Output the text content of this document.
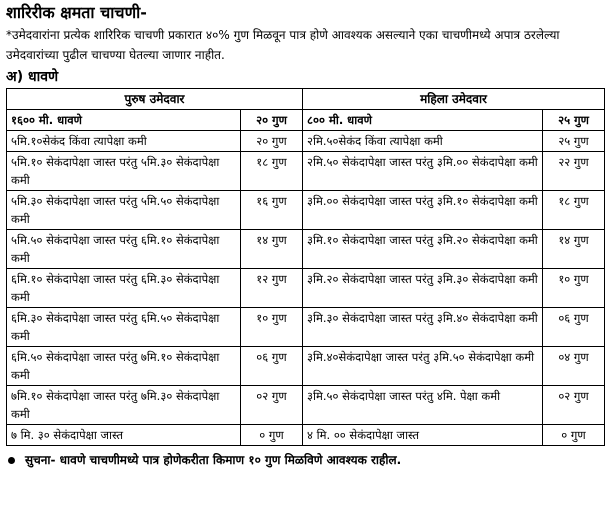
शारिरीक क्षमता चाचणी-
*उमेदवारांना प्रत्येक शारिरिक चाचणी प्रकारात ४०% गुण मिळवून पात्र होणे आवश्यक असल्याने एका चाचणीमध्ये अपात्र ठरलेल्या उमेदवारांच्या पुढील चाचण्या घेतल्या जाणार नाहीत.
अ) धावणे
पुरुष उमेदवार		महिला उमेदवार	
१६०० मी. धावणे	२० गुण	८०० मी. धावणे	२५ गुण
५मि.१०सेकंद किंवा त्यापेक्षा कमी	२० गुण	२मि.५०सेकंद किंवा त्यापेक्षा कमी	२५ गुण
५मि.१० सेकंदापेक्षा जास्त परंतु ५मि.३० सेकंदापेक्षा कमी	१८ गुण	२मि.५० सेकंदापेक्षा जास्त परंतु ३मि.०० सेकंदापेक्षा कमी	२२ गुण
५मि.३० सेकंदापेक्षा जास्त परंतु ५मि.५० सेकंदापेक्षा कमी	१६ गुण	३मि.०० सेकंदापेक्षा जास्त परंतु ३मि.१० सेकंदापेक्षा कमी	१८ गुण
५मि.५० सेकंदापेक्षा जास्त परंतु ६मि.१० सेकंदापेक्षा कमी	१४ गुण	३मि.१० सेकंदापेक्षा जास्त परंतु ३मि.२० सेकंदापेक्षा कमी	१४ गुण
६मि.१० सेकंदापेक्षा जास्त परंतु ६मि.३० सेकंदापेक्षा कमी	१२ गुण	३मि.२० सेकंदापेक्षा जास्त परंतु ३मि.३० सेकंदापेक्षा कमी	१० गुण
६मि.३० सेकंदापेक्षा जास्त परंतु ६मि.५० सेकंदापेक्षा कमी	१० गुण	३मि.३० सेकंदापेक्षा जास्त परंतु ३मि.४० सेकंदापेक्षा कमी	०६ गुण
६मि.५० सेकंदापेक्षा जास्त परंतु ७मि.१० सेकंदापेक्षा कमी	०६ गुण	३मि.४०सेकंदापेक्षा जास्त परंतु ३मि.५० सेकंदापेक्षा कमी	०४ गुण
७मि.१० सेकंदापेक्षा जास्त परंतु ७मि.३० सेकंदापेक्षा कमी	०२ गुण	३मि.५० सेकंदापेक्षा जास्त परंतु ४मि. पेक्षा कमी	०२ गुण
७ मि. ३० सेकंदापेक्षा जास्त	० गुण	४ मि. ०० सेकंदापेक्षा जास्त	० गुण
सुचना- धावणे चाचणीमध्ये पात्र होणेकरीता किमाण १० गुण मिळविणे आवश्यक राहील.
